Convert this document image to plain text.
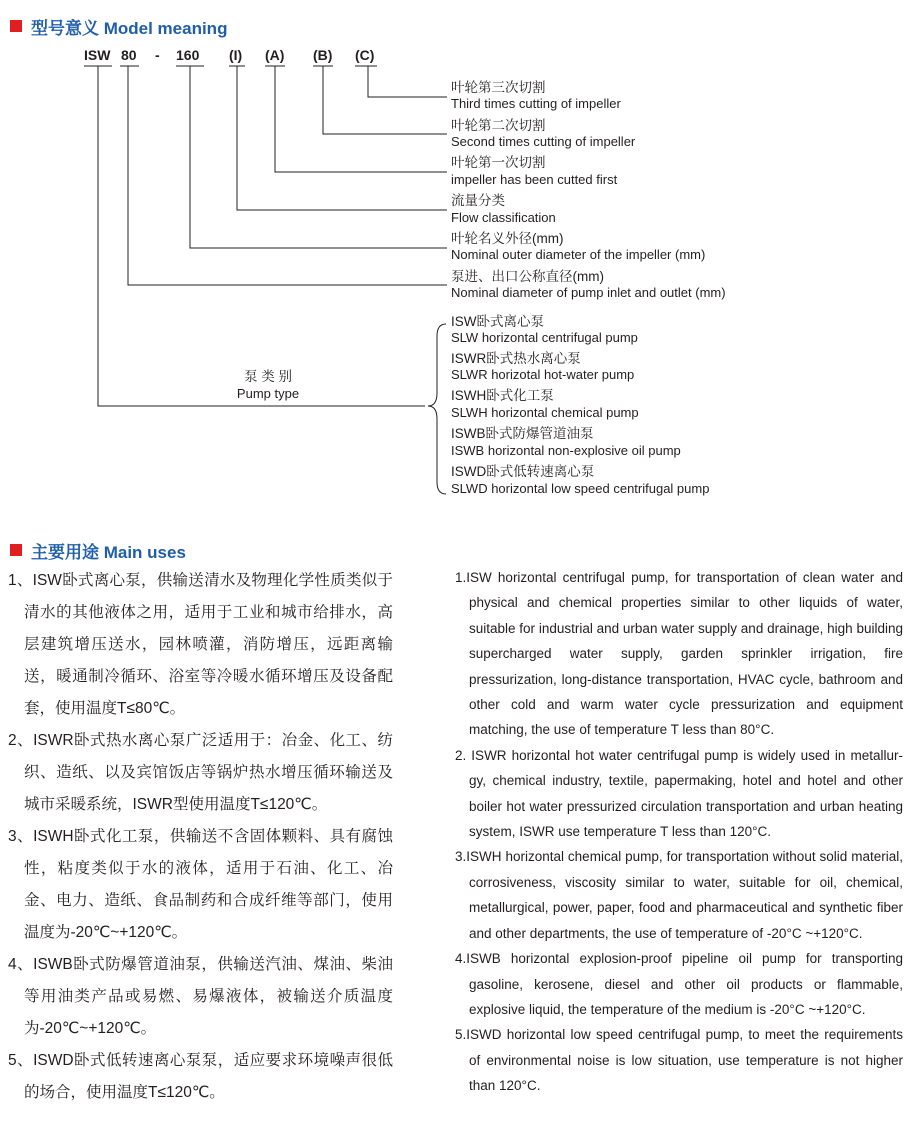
型号意义 Model meaning
ISW 80 - 160 (I) (A) (B) (C)
叶轮第三次切割
Third times cutting of impeller
叶轮第二次切割
Second times cutting of impeller
叶轮第一次切割
impeller has been cutted first
流量分类
Flow classification
叶轮名义外径(mm)
Nominal outer diameter of the impeller (mm)
泵进、出口公称直径(mm)
Nominal diameter of pump inlet and outlet (mm)
泵 类 别
Pump type
ISW卧式离心泵
SLW horizontal centrifugal pump
ISWR卧式热水离心泵
SLWR horizotal hot-water pump
ISWH卧式化工泵
SLWH horizontal chemical pump
ISWB卧式防爆管道油泵
ISWB horizontal non-explosive oil pump
ISWD卧式低转速离心泵
SLWD horizontal low speed centrifugal pump
主要用途 Main uses

1、ISW卧式离心泵，供输送清水及物理化学性质类似于清水的其他液体之用，适用于工业和城市给排水，高层建筑增压送水，园林喷灌，消防增压，远距离输送，暖通制冷循环、浴室等冷暖水循环增压及设备配套，使用温度T≤80℃。

2、ISWR卧式热水离心泵广泛适用于：冶金、化工、纺织、造纸、以及宾馆饭店等锅炉热水增压循环输送及城市采暖系统，ISWR型使用温度T≤120℃。

3、ISWH卧式化工泵，供输送不含固体颗料、具有腐蚀性，粘度类似于水的液体，适用于石油、化工、冶金、电力、造纸、食品制药和合成纤维等部门，使用温度为-20℃~+120℃。

4、ISWB卧式防爆管道油泵，供输送汽油、煤油、柴油等用油类产品或易燃、易爆液体，被输送介质温度为-20℃~+120℃。

5、ISWD卧式低转速离心泵泵，适应要求环境噪声很低的场合，使用温度T≤120℃。

1.ISW horizontal centrifugal pump, for transportation of clean water and physical and chemical properties similar to other liquids of water, suitable for industrial and urban water supply and drainage, high building supercharged water supply, garden sprinkler irrigation, fire pressurization, long-distance transportation, HVAC cycle, bathroom and other cold and warm water cycle pressurization and equipment matching, the use of temperature T less than 80°C.

2. ISWR horizontal hot water centrifugal pump is widely used in metallur-gy, chemical industry, textile, papermaking, hotel and hotel and other boiler hot water pressurized circulation transportation and urban heating system, ISWR use temperature T less than 120°C.

3.ISWH horizontal chemical pump, for transportation without solid material, corrosiveness, viscosity similar to water, suitable for oil, chemical, metallurgical, power, paper, food and pharmaceutical and synthetic fiber and other departments, the use of temperature of -20°C ~+120°C.

4.ISWB horizontal explosion-proof pipeline oil pump for transporting gasoline, kerosene, diesel and other oil products or flammable, explosive liquid, the temperature of the medium is -20°C ~+120°C.

5.ISWD horizontal low speed centrifugal pump, to meet the requirements of environmental noise is low situation, use temperature is not higher than 120°C.
